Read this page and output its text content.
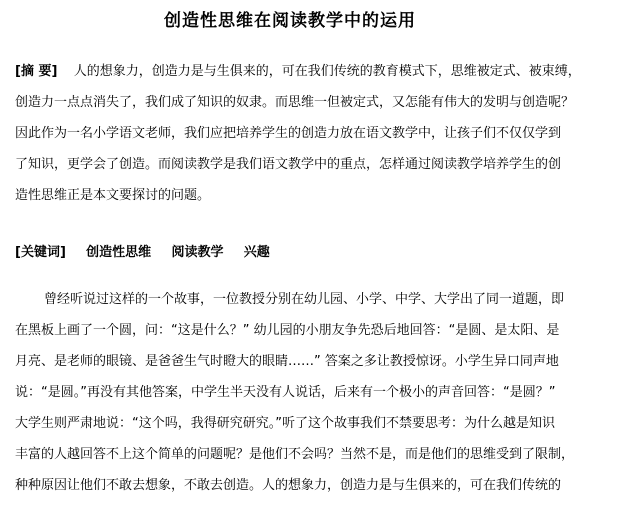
创造性思维在阅读教学中的运用
[摘 要] 人的想象力，创造力是与生俱来的，可在我们传统的教育模式下，思维被定式、被束缚，
创造力一点点消失了，我们成了知识的奴隶。而思维一但被定式，又怎能有伟大的发明与创造呢？
因此作为一名小学语文老师，我们应把培养学生的创造力放在语文教学中，让孩子们不仅仅学到
了知识，更学会了创造。而阅读教学是我们语文教学中的重点，怎样通过阅读教学培养学生的创
造性思维正是本文要探讨的问题。
[关键词] 创造性思维 阅读教学 兴趣
曾经听说过这样的一个故事，一位教授分别在幼儿园、小学、中学、大学出了同一道题，即
在黑板上画了一个圆，问：“这是什么？” 幼儿园的小朋友争先恐后地回答：“是圆、是太阳、是
月亮、是老师的眼镜、是爸爸生气时瞪大的眼睛……” 答案之多让教授惊讶。小学生异口同声地
说：“是圆。”再没有其他答案，中学生半天没有人说话，后来有一个极小的声音回答：“是圆？”
大学生则严肃地说：“这个吗，我得研究研究。”听了这个故事我们不禁要思考：为什么越是知识
丰富的人越回答不上这个简单的问题呢？是他们不会吗？当然不是，而是他们的思维受到了限制，
种种原因让他们不敢去想象，不敢去创造。人的想象力，创造力是与生俱来的，可在我们传统的
